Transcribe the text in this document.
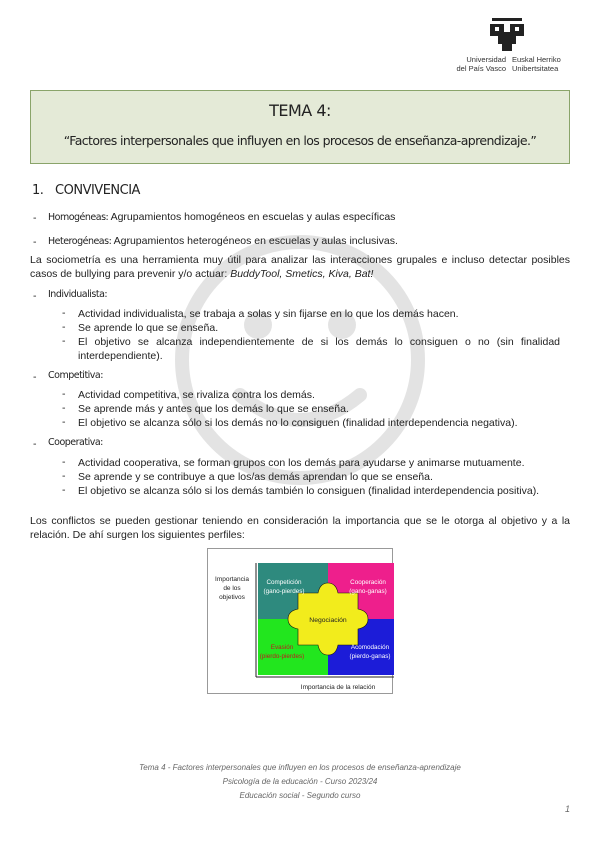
Universidad
del País Vasco
Euskal Herriko
Unibertsitatea
TEMA 4:
“Factores interpersonales que influyen en los procesos de enseñanza-aprendizaje.”
1. CONVIVENCIA
- Homogéneas: Agrupamientos homogéneos en escuelas y aulas específicas
- Heterogéneas: Agrupamientos heterogéneos en escuelas y aulas inclusivas.
La sociometría es una herramienta muy útil para analizar las interacciones grupales e incluso detectar posibles casos de bullying para prevenir y/o actuar: BuddyTool, Smetics, Kiva, Bat!
- Individualista:
- Actividad individualista, se trabaja a solas y sin fijarse en lo que los demás hacen.
- Se aprende lo que se enseña.
- El objetivo se alcanza independientemente de si los demás lo consiguen o no (sin finalidad interdependiente).
- Competitiva:
- Actividad competitiva, se rivaliza contra los demás.
- Se aprende más y antes que los demás lo que se enseña.
- El objetivo se alcanza sólo si los demás no lo consiguen (finalidad interdependencia negativa).
- Cooperativa:
- Actividad cooperativa, se forman grupos con los demás para ayudarse y animarse mutuamente.
- Se aprende y se contribuye a que los/as demás aprendan lo que se enseña.
- El objetivo se alcanza sólo si los demás también lo consiguen (finalidad interdependencia positiva).
Los conflictos se pueden gestionar teniendo en consideración la importancia que se le otorga al objetivo y a la relación. De ahí surgen los siguientes perfiles:
Importancia
de los
objetivos
Importancia de la relación
Competición
(gano-pierdes)
Cooperación
(gano-ganas)
Negociación
Evasión
(pierdo-pierdes)
Acomodación
(pierdo-ganas)
Tema 4 - Factores interpersonales que influyen en los procesos de enseñanza-aprendizaje
Psicología de la educación - Curso 2023/24
Educación social - Segundo curso
1
